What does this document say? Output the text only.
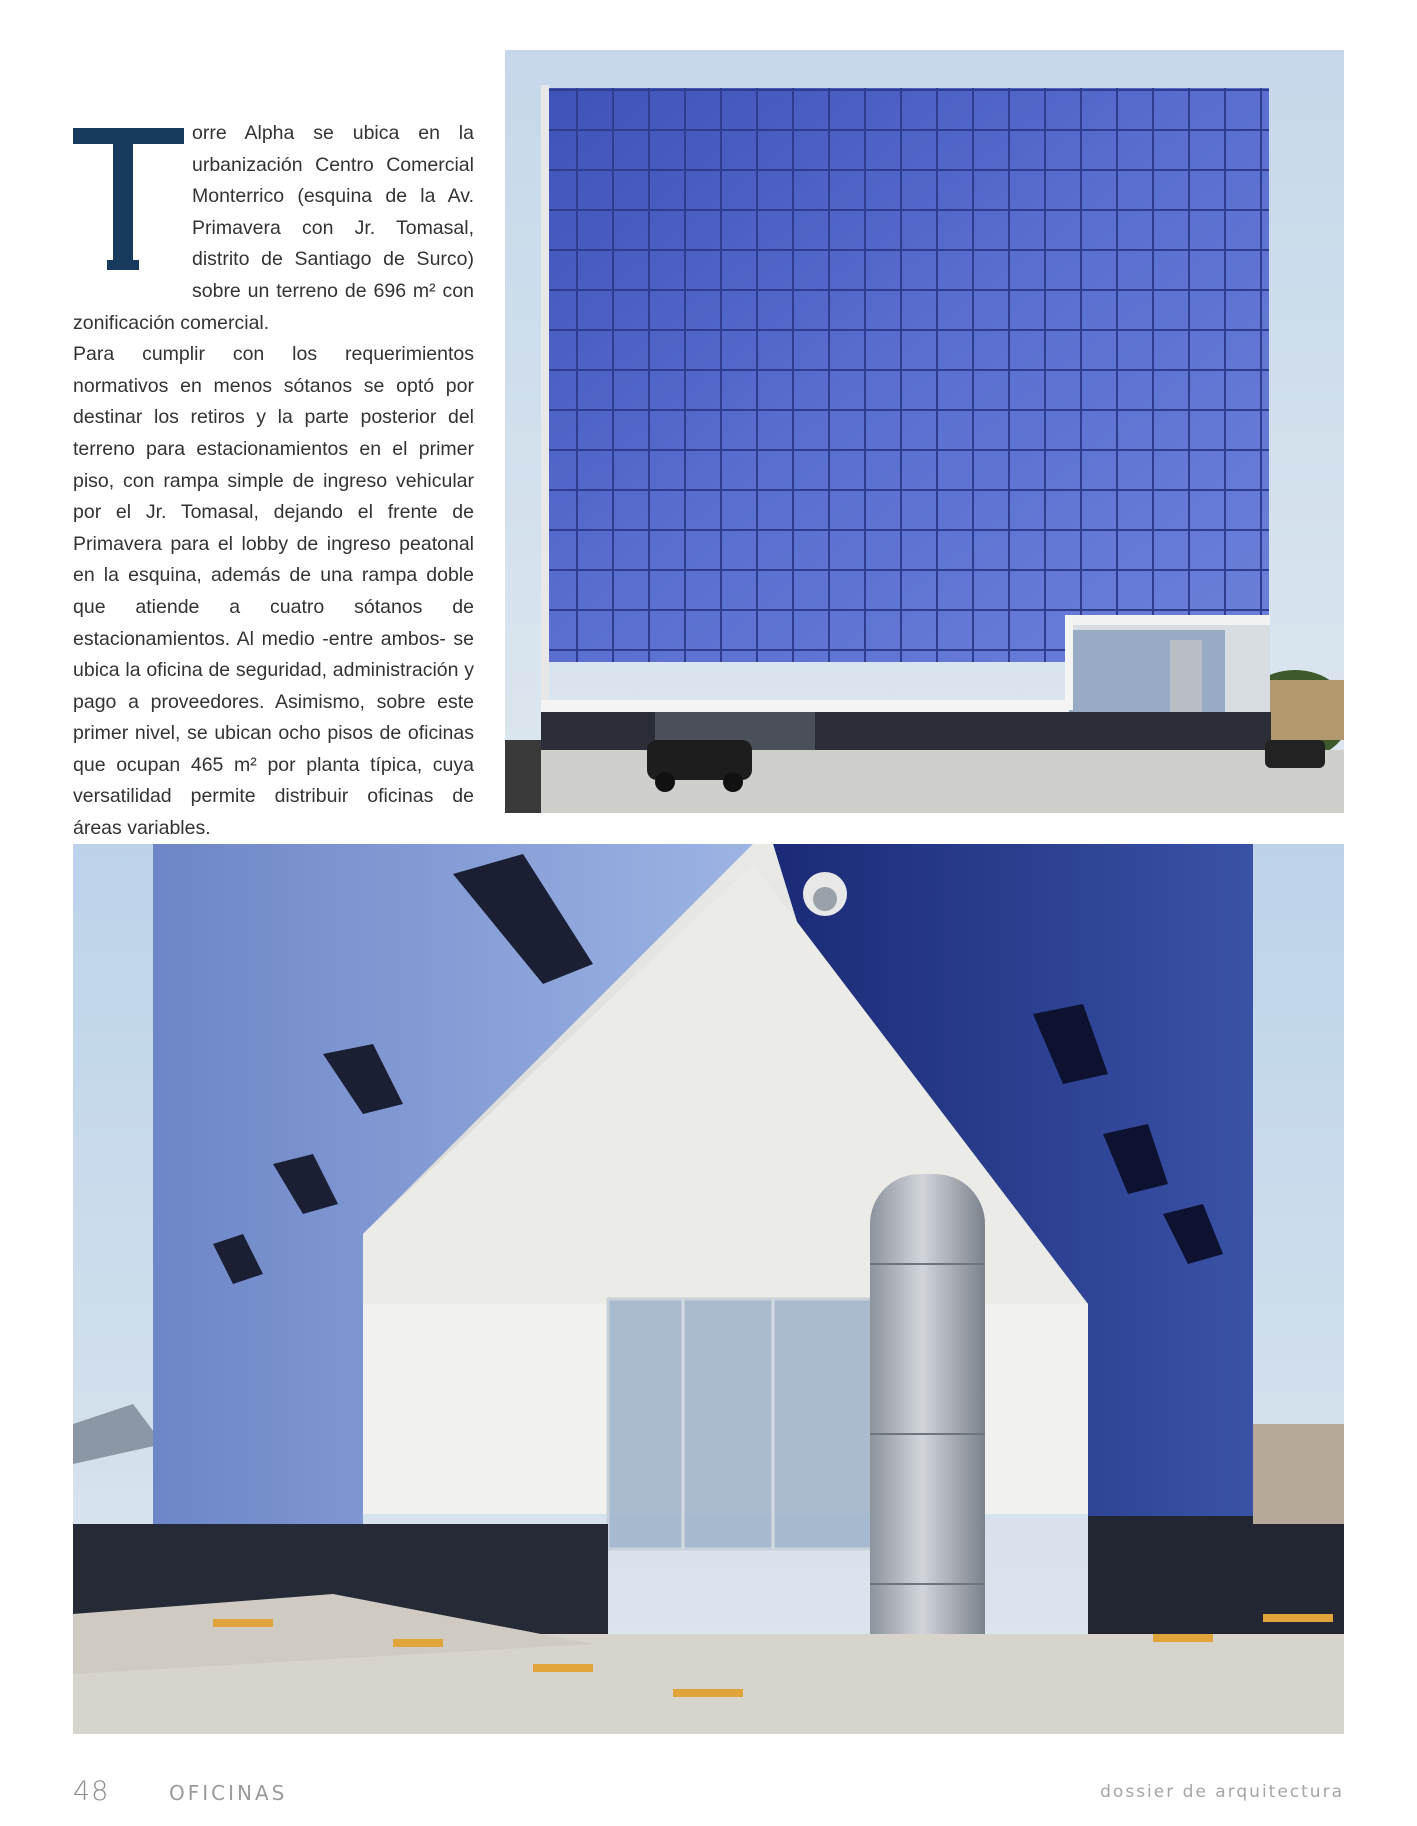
orre Alpha se ubica en la urbanización Centro Comercial Monterrico (esquina de la Av. Primavera con Jr. Tomasal, distrito de Santiago de Surco) sobre un terreno de 696 m² con zonificación comercial.

Para cumplir con los requerimientos normativos en menos sótanos se optó por destinar los retiros y la parte posterior del terreno para estacionamientos en el primer piso, con rampa simple de ingreso vehicular por el Jr. Tomasal, dejando el frente de Primavera para el lobby de ingreso peatonal en la esquina, además de una rampa doble que atiende a cuatro sótanos de estacionamientos. Al medio -entre ambos- se ubica la oficina de seguridad, administración y pago a proveedores. Asimismo, sobre este primer nivel, se ubican ocho pisos de oficinas que ocupan 465 m² por planta típica, cuya versatilidad permite distribuir oficinas de áreas variables.

48	OFICINAS	dossier de arquitectura
